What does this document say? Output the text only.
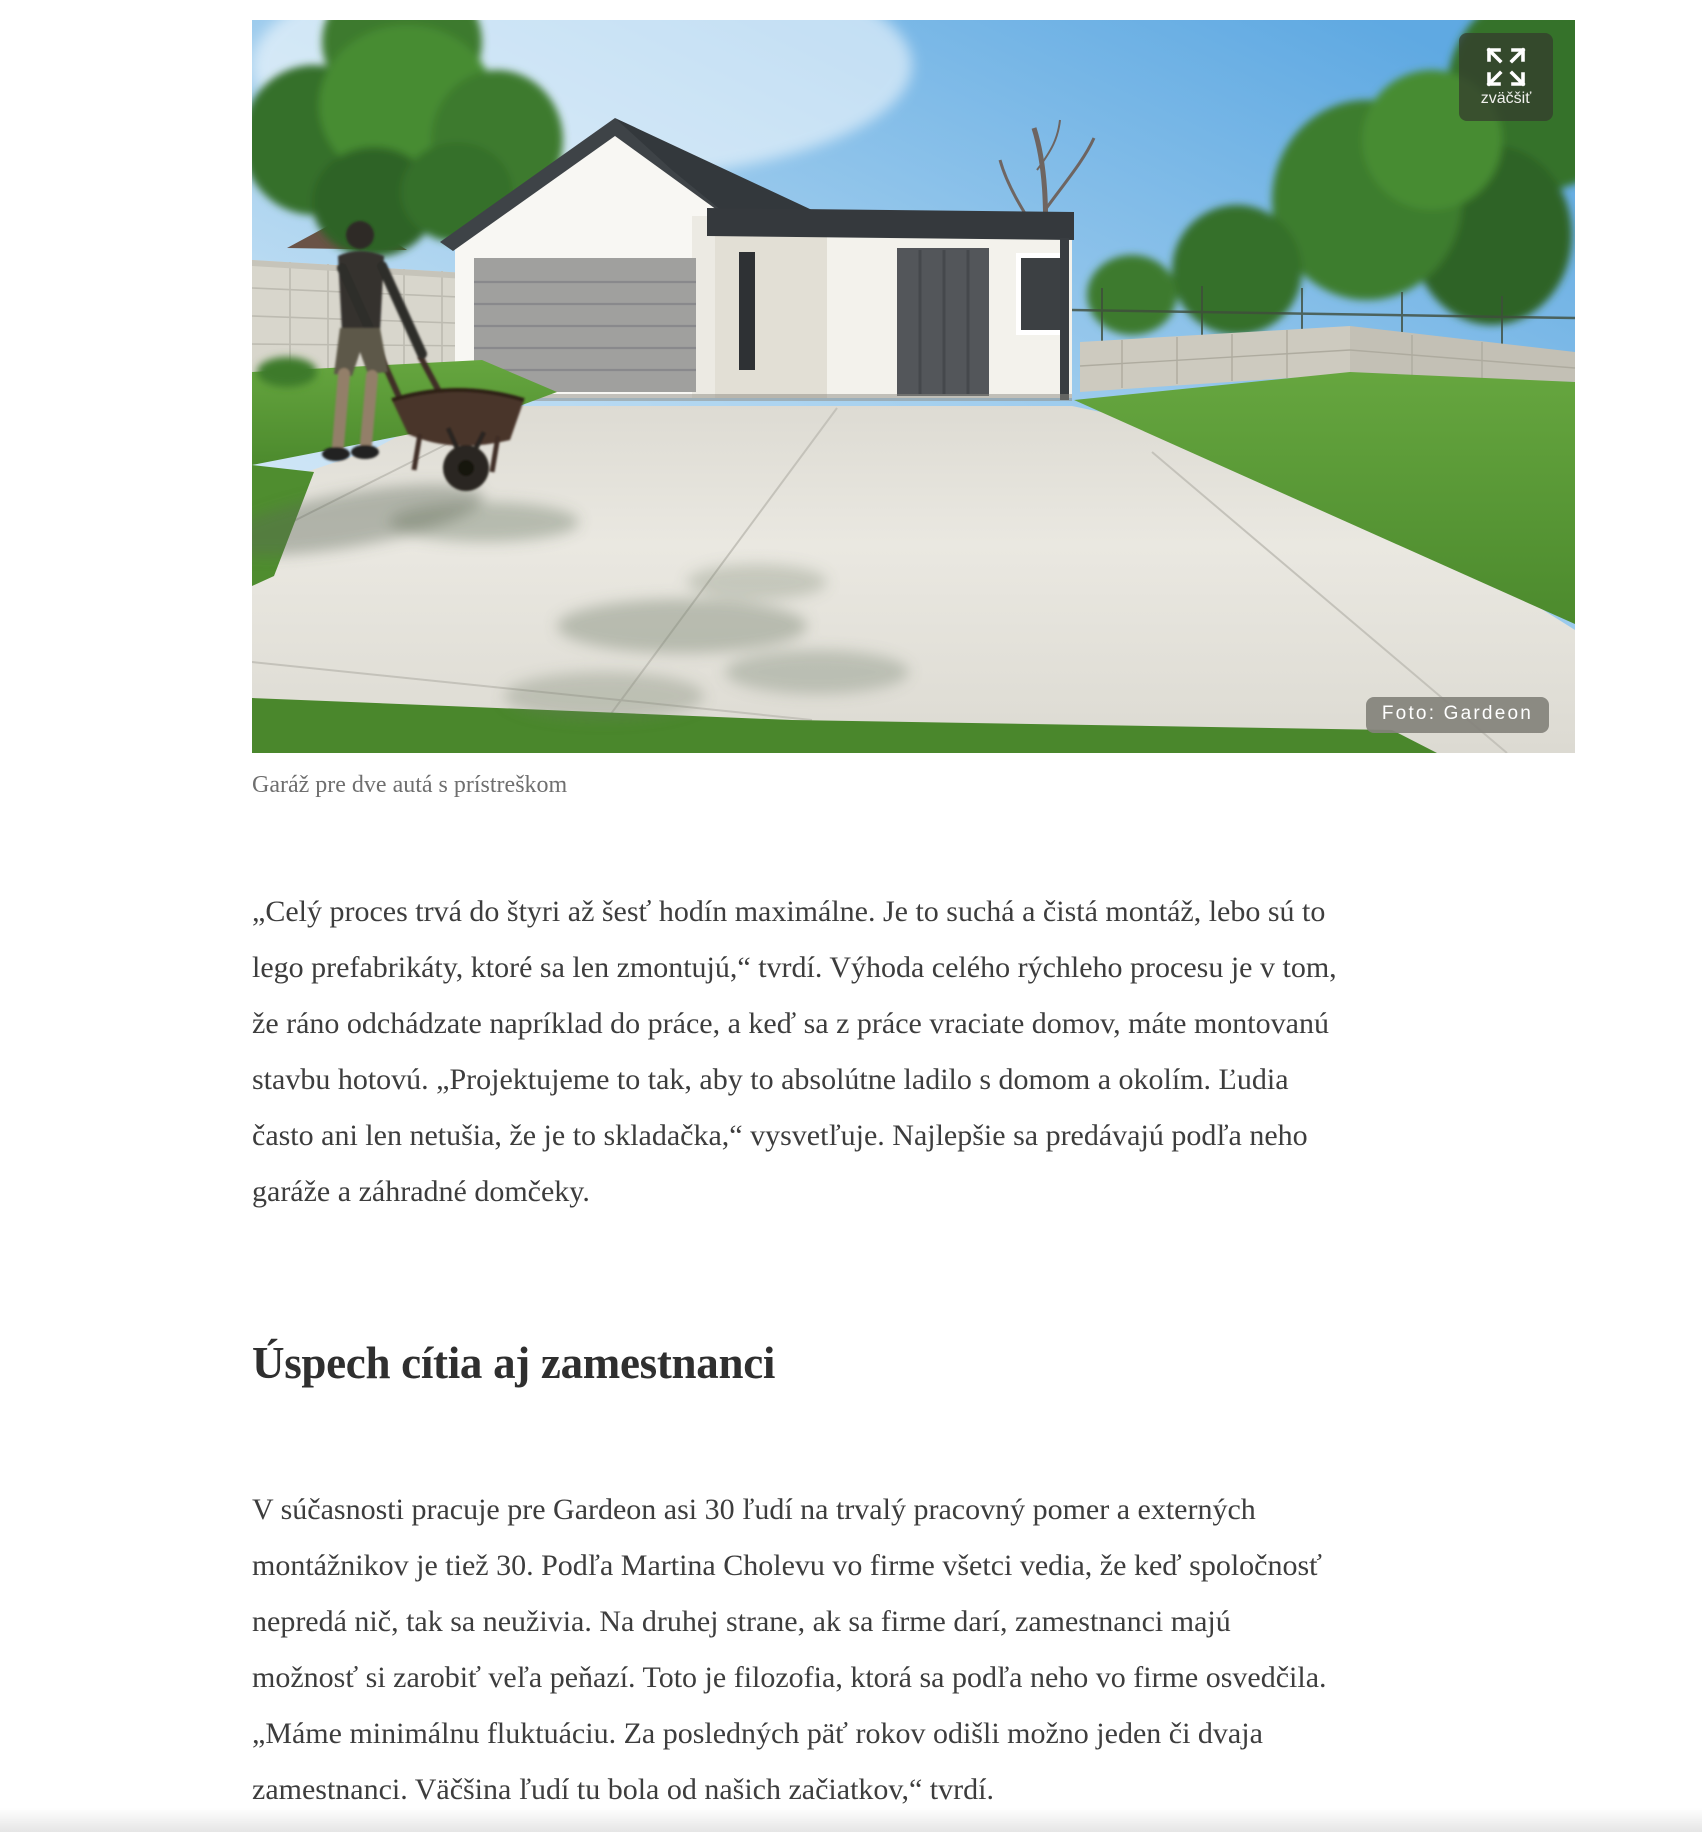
zväčšiť
Foto: Gardeon
Garáž pre dve autá s prístreškom

„Celý proces trvá do štyri až šesť hodín maximálne. Je to suchá a čistá montáž, lebo sú to lego prefabrikáty, ktoré sa len zmontujú,“ tvrdí. Výhoda celého rýchleho procesu je v tom, že ráno odchádzate napríklad do práce, a keď sa z práce vraciate domov, máte montovanú stavbu hotovú. „Projektujeme to tak, aby to absolútne ladilo s domom a okolím. Ľudia často ani len netušia, že je to skladačka,“ vysvetľuje. Najlepšie sa predávajú podľa neho garáže a záhradné domčeky.

Úspech cítia aj zamestnanci

V súčasnosti pracuje pre Gardeon asi 30 ľudí na trvalý pracovný pomer a externých montážnikov je tiež 30. Podľa Martina Cholevu vo firme všetci vedia, že keď spoločnosť nepredá nič, tak sa neuživia. Na druhej strane, ak sa firme darí, zamestnanci majú možnosť si zarobiť veľa peňazí. Toto je filozofia, ktorá sa podľa neho vo firme osvedčila. „Máme minimálnu fluktuáciu. Za posledných päť rokov odišli možno jeden či dvaja zamestnanci. Väčšina ľudí tu bola od našich začiatkov,“ tvrdí.
